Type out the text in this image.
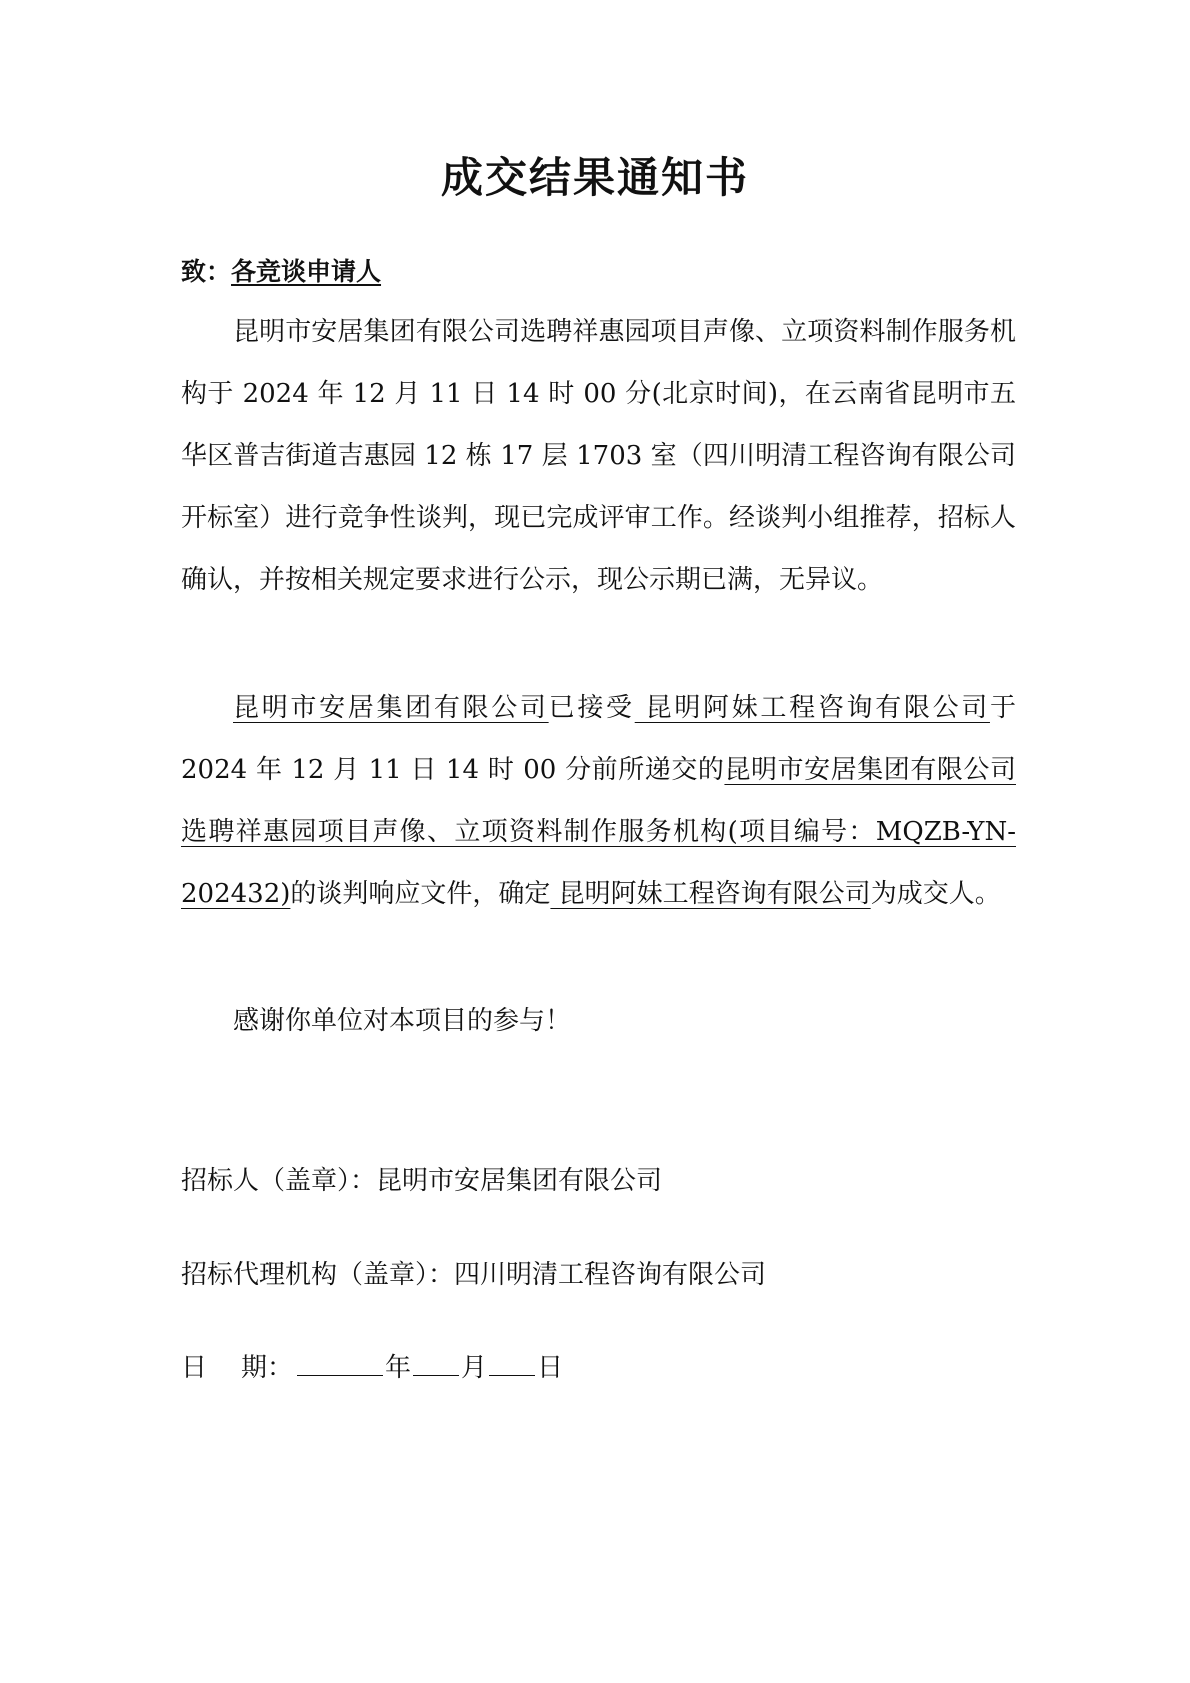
成交结果通知书
致：各竞谈申请人

昆明市安居集团有限公司选聘祥惠园项目声像、立项资料制作服务机构于 2024 年 12 月 11 日 14 时 00 分(北京时间)，在云南省昆明市五华区普吉街道吉惠园 12 栋 17 层 1703 室（四川明清工程咨询有限公司开标室）进行竞争性谈判，现已完成评审工作。经谈判小组推荐，招标人确认，并按相关规定要求进行公示，现公示期已满，无异议。

昆明市安居集团有限公司已接受 昆明阿妹工程咨询有限公司于 2024 年 12 月 11 日 14 时 00 分前所递交的昆明市安居集团有限公司选聘祥惠园项目声像、立项资料制作服务机构(项目编号：MQZB-YN-202432)的谈判响应文件，确定 昆明阿妹工程咨询有限公司为成交人。

感谢你单位对本项目的参与！

招标人（盖章）：昆明市安居集团有限公司
招标代理机构（盖章）：四川明清工程咨询有限公司
日 期：	年 月 日
